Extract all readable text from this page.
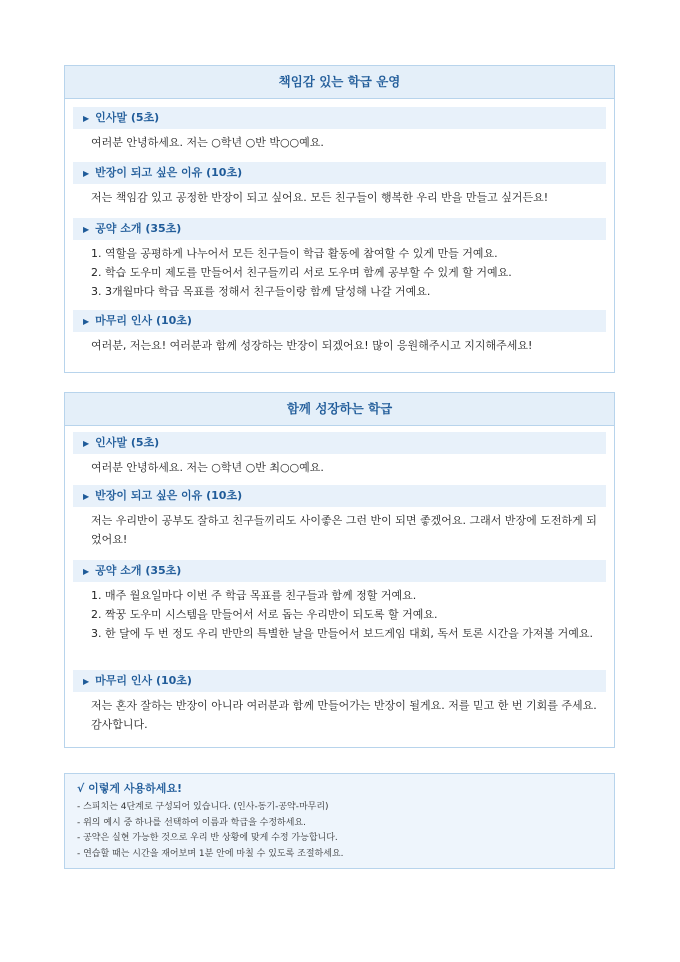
책임감 있는 학급 운영
▶ 인사말 (5초)
여러분 안녕하세요. 저는 ○학년 ○반 박○○예요.
▶ 반장이 되고 싶은 이유 (10초)
저는 책임감 있고 공정한 반장이 되고 싶어요. 모든 친구들이 행복한 우리 반을 만들고 싶거든요!
▶ 공약 소개 (35초)
1. 역할을 공평하게 나누어서 모든 친구들이 학급 활동에 참여할 수 있게 만들 거예요.
2. 학습 도우미 제도를 만들어서 친구들끼리 서로 도우며 함께 공부할 수 있게 할 거예요.
3. 3개월마다 학급 목표를 정해서 친구들이랑 함께 달성해 나갈 거예요.
▶ 마무리 인사 (10초)
여러분, 저는요! 여러분과 함께 성장하는 반장이 되겠어요! 많이 응원해주시고 지지해주세요!
함께 성장하는 학급
▶ 인사말 (5초)
여러분 안녕하세요. 저는 ○학년 ○반 최○○예요.
▶ 반장이 되고 싶은 이유 (10초)
저는 우리반이 공부도 잘하고 친구들끼리도 사이좋은 그런 반이 되면 좋겠어요. 그래서 반장에 도전하게 되었어요!
▶ 공약 소개 (35초)
1. 매주 월요일마다 이번 주 학급 목표를 친구들과 함께 정할 거예요.
2. 짝꿍 도우미 시스템을 만들어서 서로 돕는 우리반이 되도록 할 거예요.
3. 한 달에 두 번 정도 우리 반만의 특별한 날을 만들어서 보드게임 대회, 독서 토론 시간을 가져볼 거예요.
▶ 마무리 인사 (10초)
저는 혼자 잘하는 반장이 아니라 여러분과 함께 만들어가는 반장이 될게요. 저를 믿고 한 번 기회를 주세요. 감사합니다.
√ 이렇게 사용하세요!
- 스피치는 4단계로 구성되어 있습니다. (인사-동기-공약-마무리)
- 위의 예시 중 하나를 선택하여 이름과 학급을 수정하세요.
- 공약은 실현 가능한 것으로 우리 반 상황에 맞게 수정 가능합니다.
- 연습할 때는 시간을 재어보며 1분 안에 마칠 수 있도록 조절하세요.
